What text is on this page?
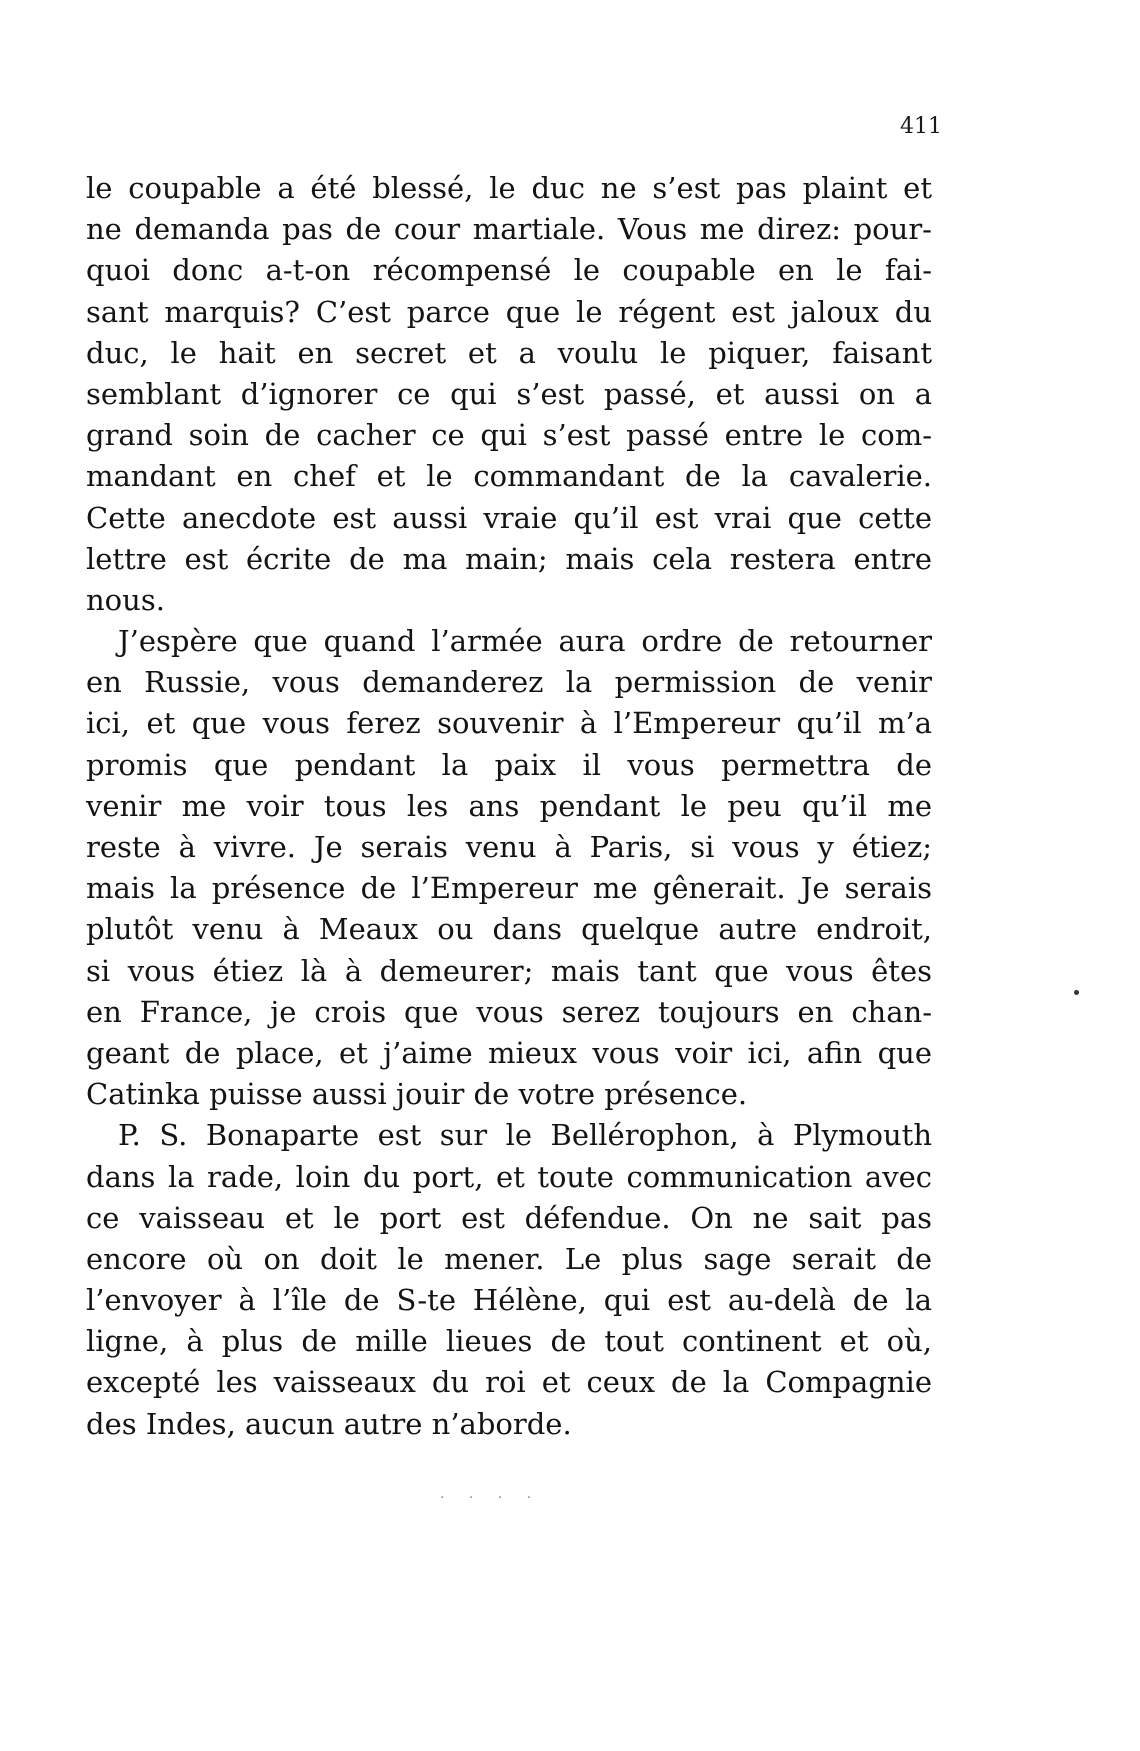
411
le coupable a été blessé, le duc ne s’est pas plaint et
ne demanda pas de cour martiale. Vous me direz: pour-
quoi donc a-t-on récompensé le coupable en le fai-
sant marquis? C’est parce que le régent est jaloux du
duc, le hait en secret et a voulu le piquer, faisant
semblant d’ignorer ce qui s’est passé, et aussi on a
grand soin de cacher ce qui s’est passé entre le com-
mandant en chef et le commandant de la cavalerie.
Cette anecdote est aussi vraie qu’il est vrai que cette
lettre est écrite de ma main; mais cela restera entre
nous.
J’espère que quand l’armée aura ordre de retourner
en Russie, vous demanderez la permission de venir
ici, et que vous ferez souvenir à l’Empereur qu’il m’a
promis que pendant la paix il vous permettra de
venir me voir tous les ans pendant le peu qu’il me
reste à vivre. Je serais venu à Paris, si vous y étiez;
mais la présence de l’Empereur me gênerait. Je serais
plutôt venu à Meaux ou dans quelque autre endroit,
si vous étiez là à demeurer; mais tant que vous êtes
en France, je crois que vous serez toujours en chan-
geant de place, et j’aime mieux vous voir ici, afin que
Catinka puisse aussi jouir de votre présence.
P. S. Bonaparte est sur le Bellérophon, à Plymouth
dans la rade, loin du port, et toute communication avec
ce vaisseau et le port est défendue. On ne sait pas
encore où on doit le mener. Le plus sage serait de
l’envoyer à l’île de S-te Hélène, qui est au-delà de la
ligne, à plus de mille lieues de tout continent et où,
excepté les vaisseaux du roi et ceux de la Compagnie
des Indes, aucun autre n’aborde.
· · · ·
